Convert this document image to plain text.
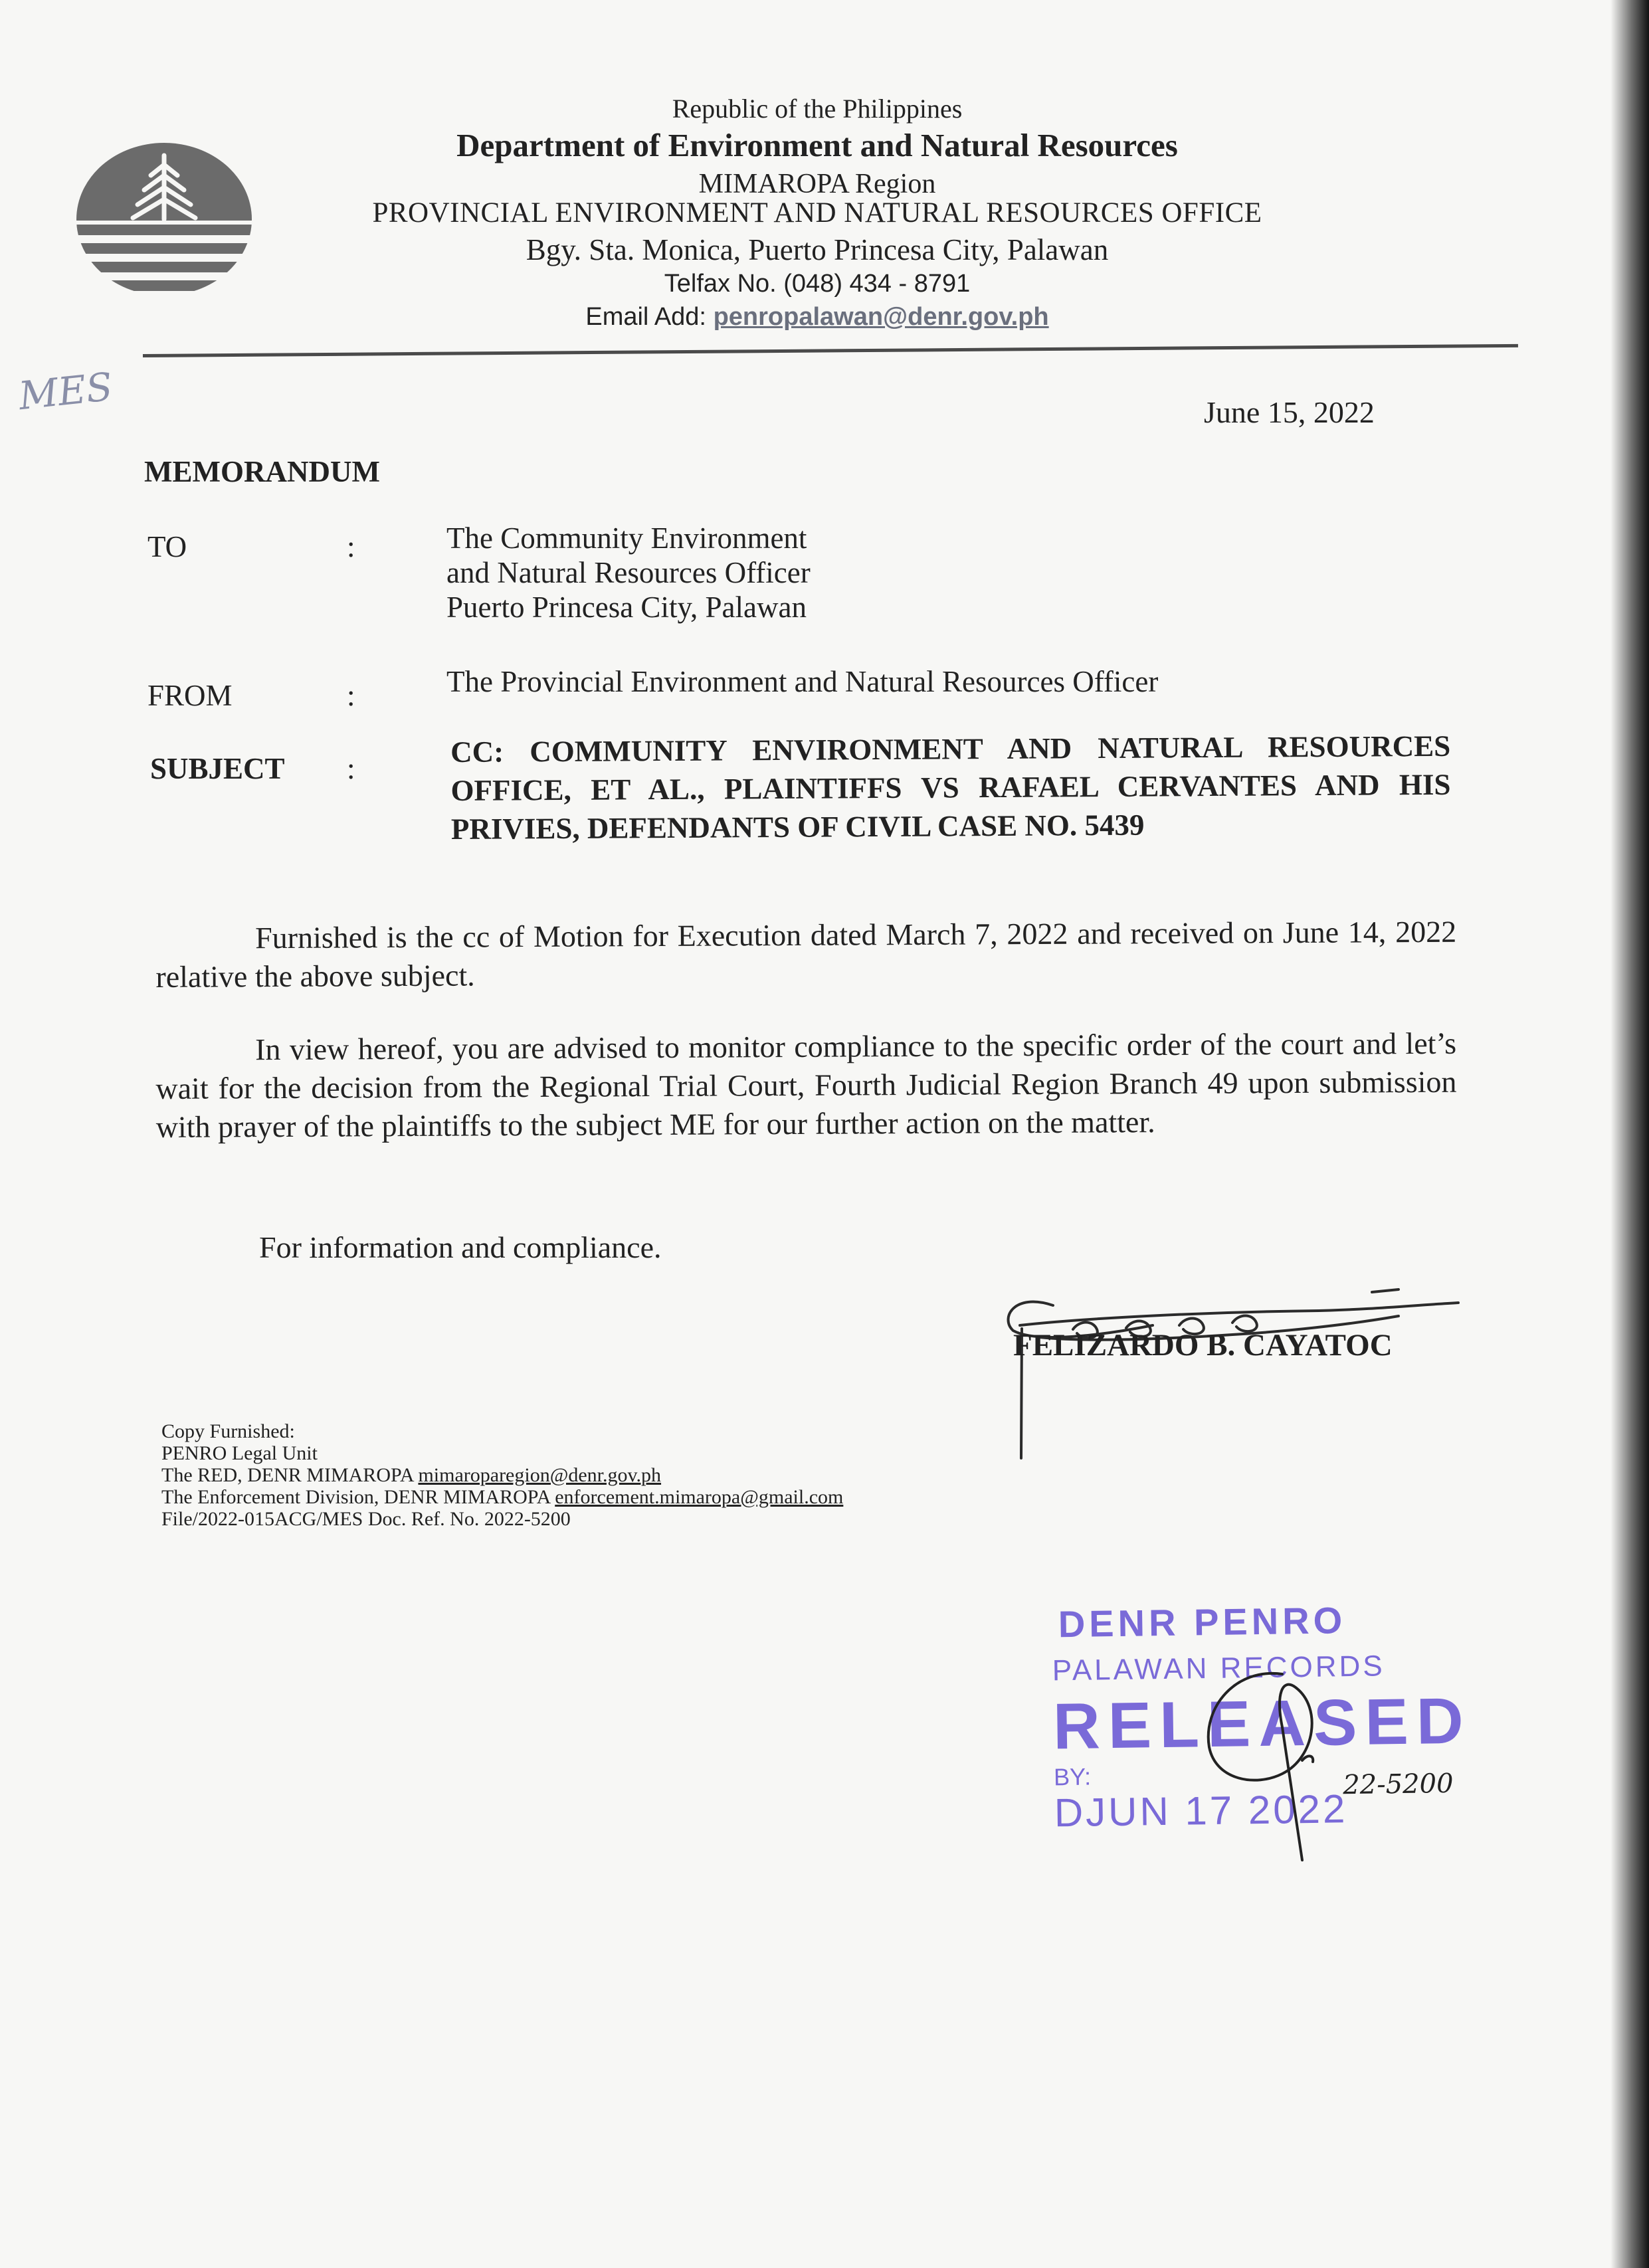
Republic of the Philippines
Department of Environment and Natural Resources
MIMAROPA Region
PROVINCIAL ENVIRONMENT AND NATURAL RESOURCES OFFICE
Bgy. Sta. Monica, Puerto Princesa City, Palawan
Telfax No. (048) 434 - 8791
Email Add: penropalawan@denr.gov.ph
MES	June 15, 2022
MEMORANDUM
TO	:	The Community Environment

and Natural Resources Officer

Puerto Princesa City, Palawan

FROM	:	The Provincial Environment and Natural Resources Officer
SUBJECT :
CC: COMMUNITY ENVIRONMENT AND NATURAL RESOURCES OFFICE, ET AL., PLAINTIFFS VS RAFAEL CERVANTES AND HIS PRIVIES, DEFENDANTS OF CIVIL CASE NO. 5439
Furnished is the cc of Motion for Execution dated March 7, 2022 and received on June 14, 2022 relative the above subject.
In view hereof, you are advised to monitor compliance to the specific order of the court and let’s wait for the decision from the Regional Trial Court, Fourth Judicial Region Branch 49 upon submission with prayer of the plaintiffs to the subject ME for our further action on the matter.
For information and compliance.
FELIZARDO B. CAYATOC

Copy Furnished:

PENRO Legal Unit

The RED, DENR MIMAROPA mimaroparegion@denr.gov.ph

The Enforcement Division, DENR MIMAROPA enforcement.mimaropa@gmail.com

File/2022-015ACG/MES Doc. Ref. No. 2022-5200

DENR PENRO
PALAWAN RECORDS
RELEASED
BY:
DJUN 17 2022
22-5200
